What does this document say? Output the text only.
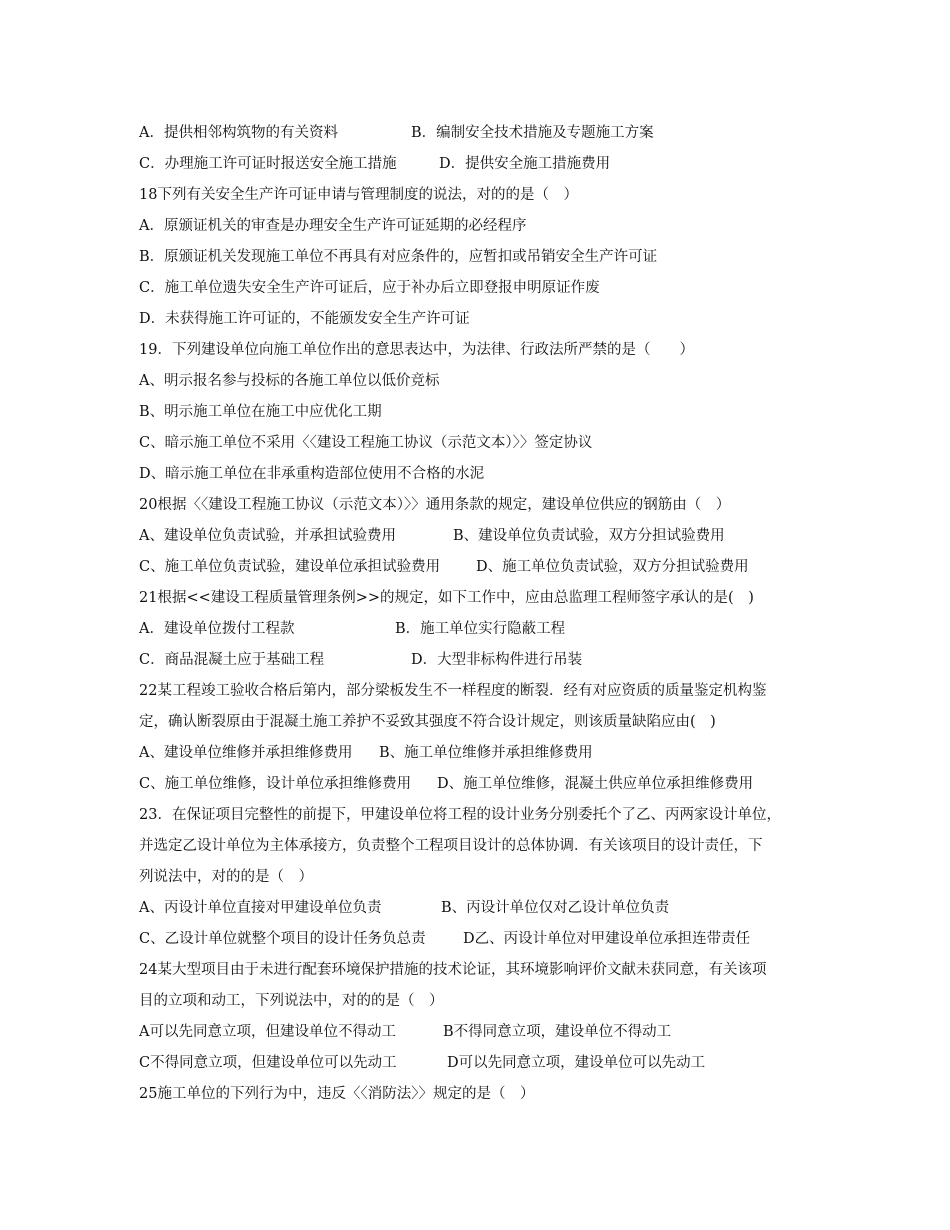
A．提供相邻构筑物的有关资料	B．编制安全技术措施及专题施工方案
C．办理施工许可证时报送安全施工措施	D．提供安全施工措施费用
18下列有关安全生产许可证申请与管理制度的说法，对的的是（　）
A．原颁证机关的审查是办理安全生产许可证延期的必经程序
B．原颁证机关发现施工单位不再具有对应条件的，应暂扣或吊销安全生产许可证
C．施工单位遗失安全生产许可证后，应于补办后立即登报申明原证作废
D．未获得施工许可证的，不能颁发安全生产许可证
19．下列建设单位向施工单位作出的意思表达中，为法律、行政法所严禁的是（　　）
A、明示报名参与投标的各施工单位以低价竞标
B、明示施工单位在施工中应优化工期
C、暗示施工单位不采用〈〈建设工程施工协议（示范文本）〉〉签定协议
D、暗示施工单位在非承重构造部位使用不合格的水泥
20根据〈〈建设工程施工协议（示范文本）〉〉通用条款的规定，建设单位供应的钢筋由（　）
A、建设单位负责试验，并承担试验费用	B、建设单位负责试验，双方分担试验费用
C、施工单位负责试验，建设单位承担试验费用	D、施工单位负责试验，双方分担试验费用
21根据<<建设工程质量管理条例>>的规定，如下工作中，应由总监理工程师签字承认的是(　)
A．建设单位拨付工程款	B．施工单位实行隐蔽工程
C．商品混凝土应于基础工程	D．大型非标构件进行吊装
22某工程竣工验收合格后第内，部分梁板发生不一样程度的断裂．经有对应资质的质量鉴定机构鉴
定，确认断裂原由于混凝土施工养护不妥致其强度不符合设计规定，则该质量缺陷应由(　)
A、建设单位维修并承担维修费用	B、施工单位维修并承担维修费用
C、施工单位维修，设计单位承担维修费用	D、施工单位维修，混凝土供应单位承担维修费用
23．在保证项目完整性的前提下，甲建设单位将工程的设计业务分别委托个了乙、丙两家设计单位，
并选定乙设计单位为主体承接方，负责整个工程项目设计的总体协调．有关该项目的设计责任，下
列说法中，对的的是（　）
A、丙设计单位直接对甲建设单位负责	B、丙设计单位仅对乙设计单位负责
C、乙设计单位就整个项目的设计任务负总责	D乙、丙设计单位对甲建设单位承担连带责任
24某大型项目由于未进行配套环境保护措施的技术论证，其环境影响评价文献未获同意，有关该项
目的立项和动工，下列说法中，对的的是（　）
A可以先同意立项，但建设单位不得动工	B不得同意立项，建设单位不得动工
C不得同意立项，但建设单位可以先动工	D可以先同意立项，建设单位可以先动工
25施工单位的下列行为中，违反〈〈消防法〉〉规定的是（　）
